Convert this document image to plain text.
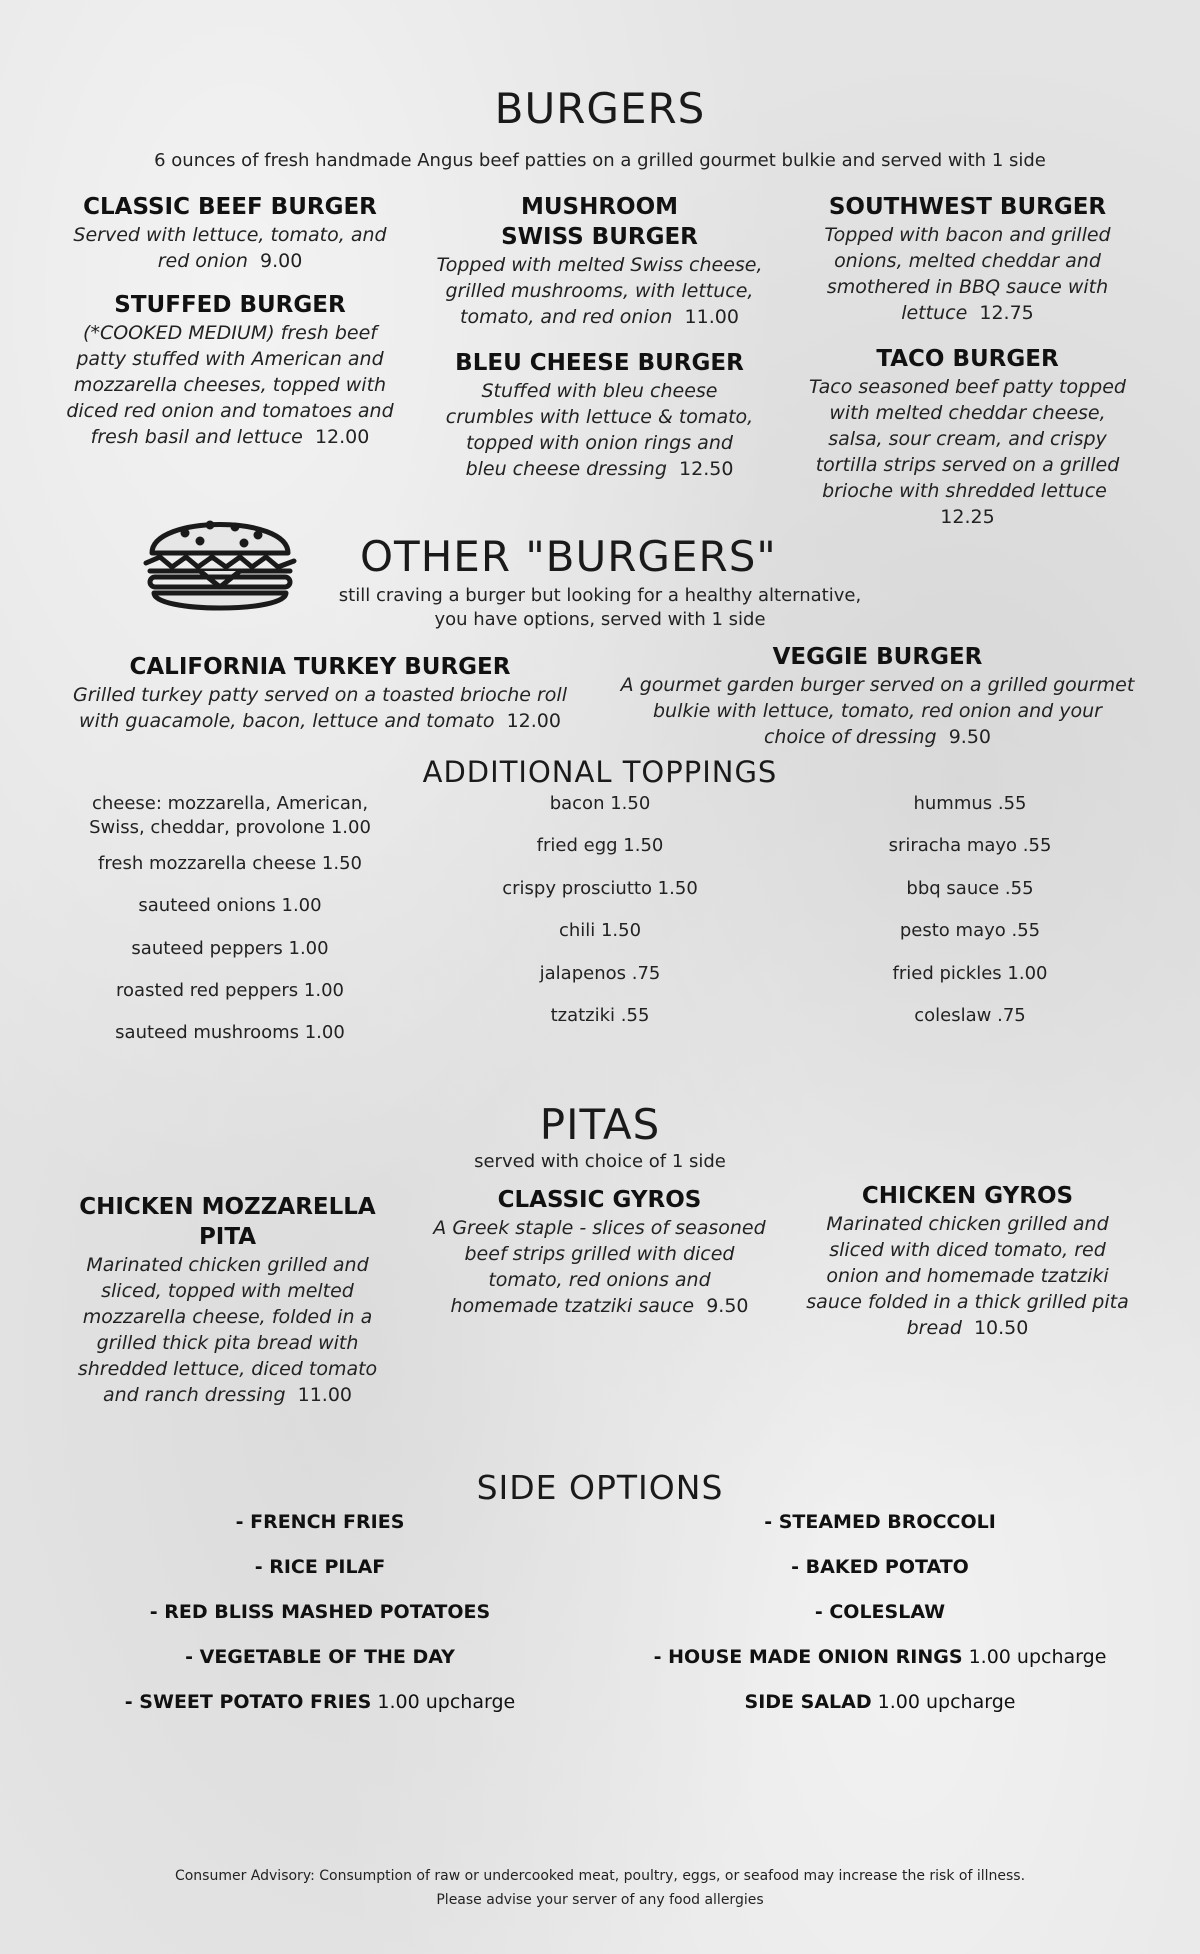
BURGERS
6 ounces of fresh handmade Angus beef patties on a grilled gourmet bulkie and served with 1 side
CLASSIC BEEF BURGER
Served with lettuce, tomato, and red onion 9.00
STUFFED BURGER
(*COOKED MEDIUM) fresh beef patty stuffed with American and mozzarella cheeses, topped with diced red onion and tomatoes and fresh basil and lettuce 12.00
MUSHROOM SWISS BURGER
Topped with melted Swiss cheese, grilled mushrooms, with lettuce, tomato, and red onion 11.00
BLEU CHEESE BURGER
Stuffed with bleu cheese crumbles with lettuce & tomato, topped with onion rings and bleu cheese dressing 12.50
SOUTHWEST BURGER
Topped with bacon and grilled onions, melted cheddar and smothered in BBQ sauce with lettuce 12.75
TACO BURGER
Taco seasoned beef patty topped with melted cheddar cheese, salsa, sour cream, and crispy tortilla strips served on a grilled brioche with shredded lettuce  12.25
OTHER "BURGERS"
still craving a burger but looking for a healthy alternative,
you have options, served with 1 side
CALIFORNIA TURKEY BURGER
Grilled turkey patty served on a toasted brioche roll with guacamole, bacon, lettuce and tomato 12.00
VEGGIE BURGER
A gourmet garden burger served on a grilled gourmet bulkie with lettuce, tomato, red onion and your choice of dressing 9.50
ADDITIONAL TOPPINGS
cheese: mozzarella, American, Swiss, cheddar, provolone 1.00
fresh mozzarella cheese 1.50
sauteed onions 1.00
sauteed peppers 1.00
roasted red peppers 1.00
sauteed mushrooms 1.00
bacon 1.50
fried egg 1.50
crispy prosciutto 1.50
chili 1.50
jalapenos .75
tzatziki .55
hummus .55
sriracha mayo .55
bbq sauce .55
pesto mayo .55
fried pickles 1.00
coleslaw .75
PITAS
served with choice of 1 side
CHICKEN MOZZARELLA PITA
Marinated chicken grilled and sliced, topped with melted mozzarella cheese, folded in a grilled thick pita bread with shredded lettuce, diced tomato and ranch dressing 11.00
CLASSIC GYROS
A Greek staple - slices of seasoned beef strips grilled with diced tomato, red onions and homemade tzatziki sauce 9.50
CHICKEN GYROS
Marinated chicken grilled and sliced with diced tomato, red onion and homemade tzatziki sauce folded in a thick grilled pita bread 10.50
SIDE OPTIONS
- FRENCH FRIES
- RICE PILAF
- RED BLISS MASHED POTATOES
- VEGETABLE OF THE DAY
- SWEET POTATO FRIES 1.00 upcharge
- STEAMED BROCCOLI
- BAKED POTATO
- COLESLAW
- HOUSE MADE ONION RINGS 1.00 upcharge
SIDE SALAD 1.00 upcharge
Consumer Advisory: Consumption of raw or undercooked meat, poultry, eggs, or seafood may increase the risk of illness.
Please advise your server of any food allergies
